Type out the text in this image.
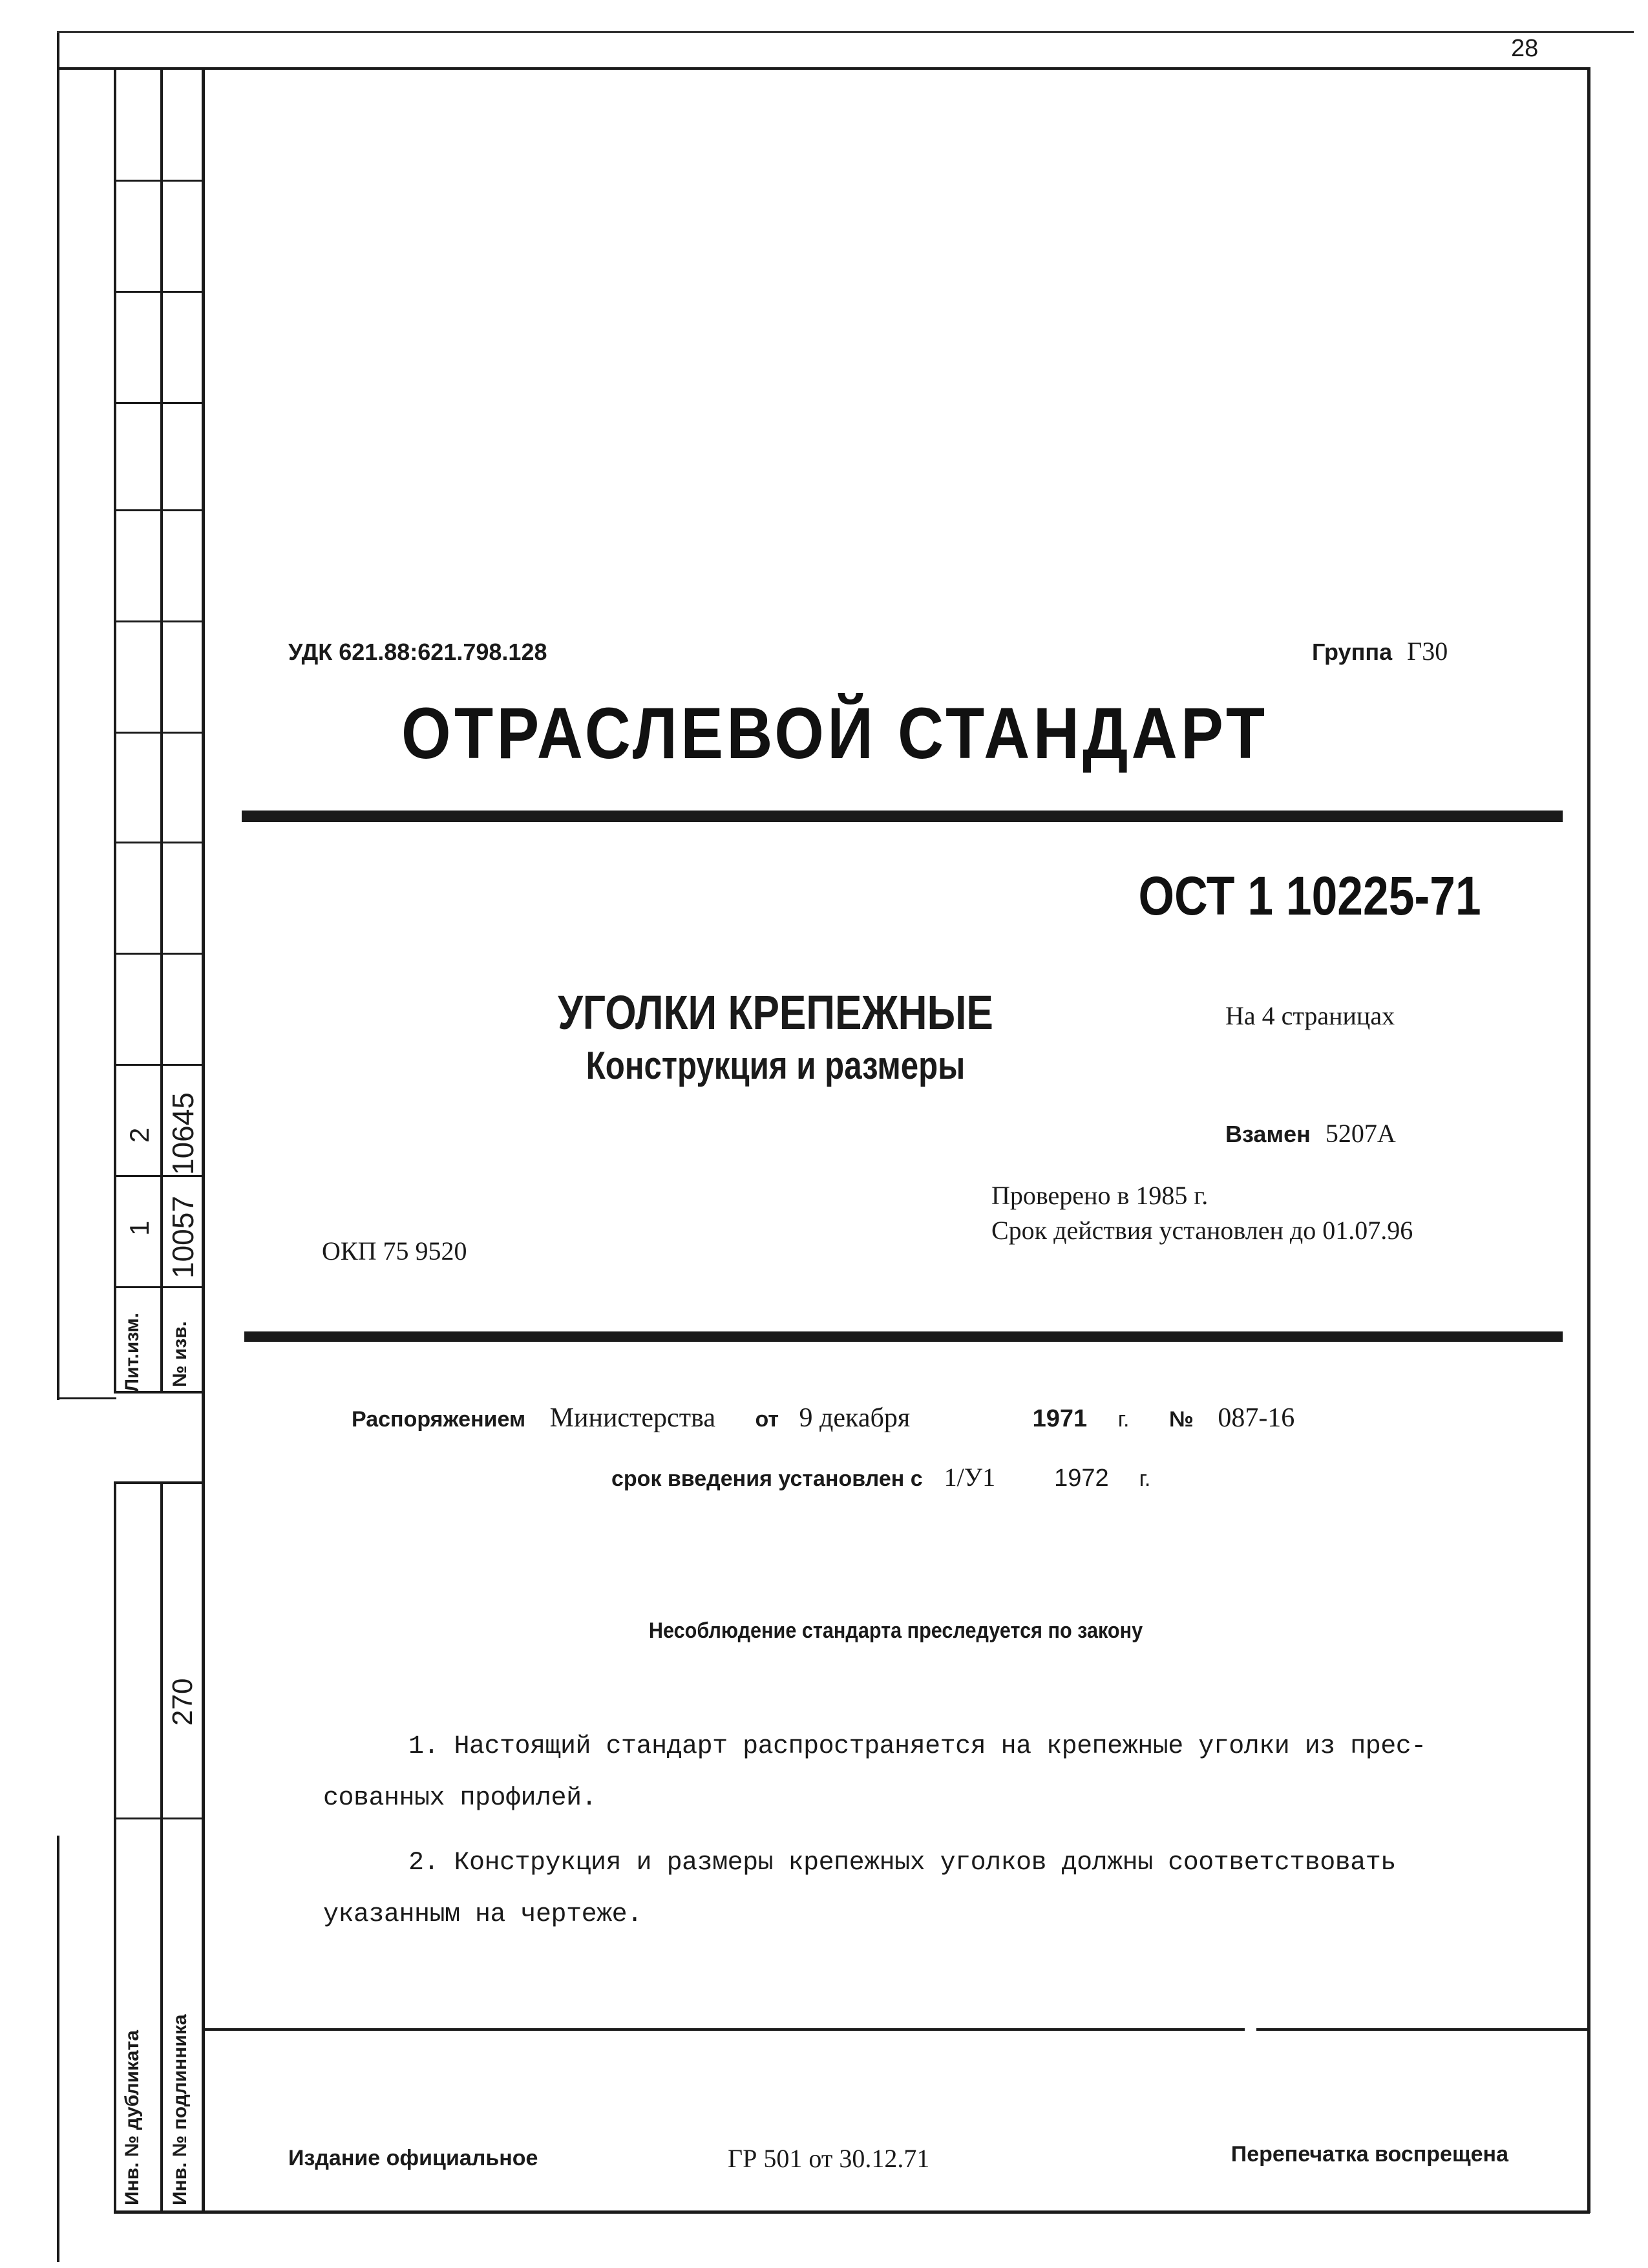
28
Лит.изм. № изв.
1 10057
2 10645
Инв. № дубликата Инв. № подлинника
270
УДК 621.88:621.798.128	Группа Г30
ОТРАСЛЕВОЙ СТАНДАРТ
ОСТ 1 10225-71
УГОЛКИ КРЕПЕЖНЫЕ
Конструкция и размеры
На 4 страницах
Взамен 5207А
Проверено в 1985 г.
Срок действия установлен до 01.07.96
ОКП 75 9520
Распоряжением Министерства от 9 декабря	1971 г. № 087-16
срок введения установлен с 1/У1 1972 г.
Несоблюдение стандарта преследуется по закону
1. Настоящий стандарт распространяется на крепежные уголки из прес-
сованных профилей.
2. Конструкция и размеры крепежных уголков должны соответствовать
указанным на чертеже.
Издание официальное	ГР 501 от 30.12.71	Перепечатка воспрещена
